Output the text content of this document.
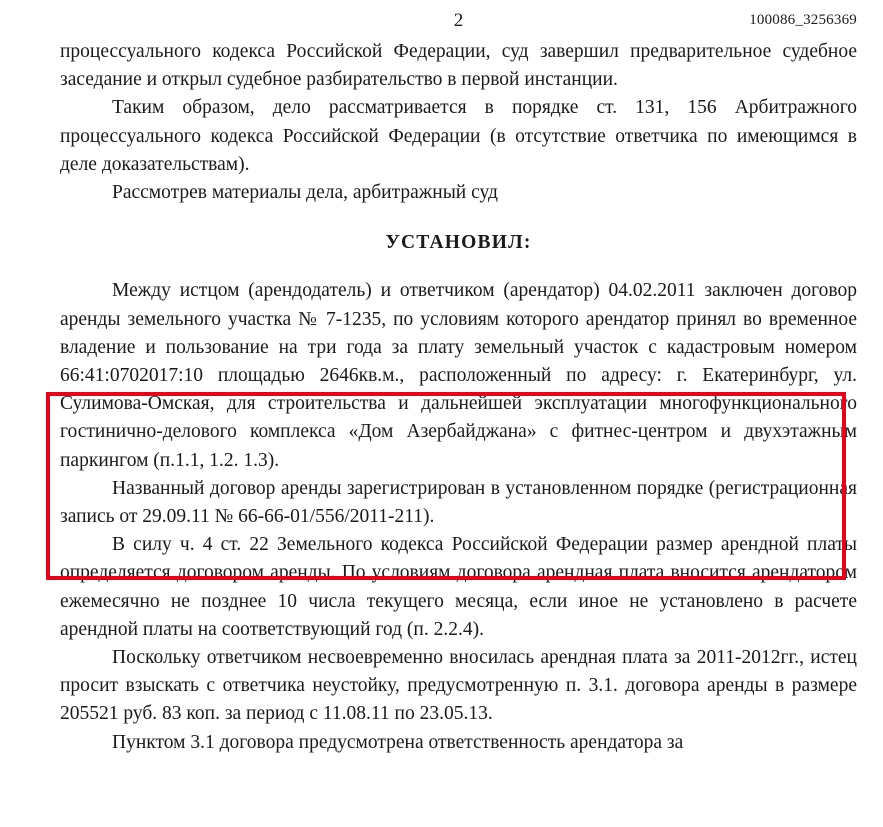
2	100086_3256369

процессуального кодекса Российской Федерации, суд завершил предварительное судебное заседание и открыл судебное разбирательство в первой инстанции.

Таким образом, дело рассматривается в порядке ст. 131, 156 Арбитражного процессуального кодекса Российской Федерации (в отсутствие ответчика по имеющимся в деле доказательствам).

Рассмотрев материалы дела, арбитражный суд

УСТАНОВИЛ:

Между истцом (арендодатель) и ответчиком (арендатор) 04.02.2011 заключен договор аренды земельного участка № 7-1235, по условиям которого арендатор принял во временное владение и пользование на три года за плату земельный участок с кадастровым номером 66:41:0702017:10 площадью 2646кв.м., расположенный по адресу: г. Екатеринбург, ул. Сулимова-Омская, для строительства и дальнейшей эксплуатации многофункционального гостинично-делового комплекса «Дом Азербайджана» с фитнес-центром и двухэтажным паркингом (п.1.1, 1.2. 1.3).

Названный договор аренды зарегистрирован в установленном порядке (регистрационная запись от 29.09.11 № 66-66-01/556/2011-211).

В силу ч. 4 ст. 22 Земельного кодекса Российской Федерации размер арендной платы определяется договором аренды. По условиям договора арендная плата вносится арендатором ежемесячно не позднее 10 числа текущего месяца, если иное не установлено в расчете арендной платы на соответствующий год (п. 2.2.4).

Поскольку ответчиком несвоевременно вносилась арендная плата за 2011-2012гг., истец просит взыскать с ответчика неустойку, предусмотренную п. 3.1. договора аренды в размере 205521 руб. 83 коп. за период с 11.08.11 по 23.05.13.

Пунктом 3.1 договора предусмотрена ответственность арендатора за
